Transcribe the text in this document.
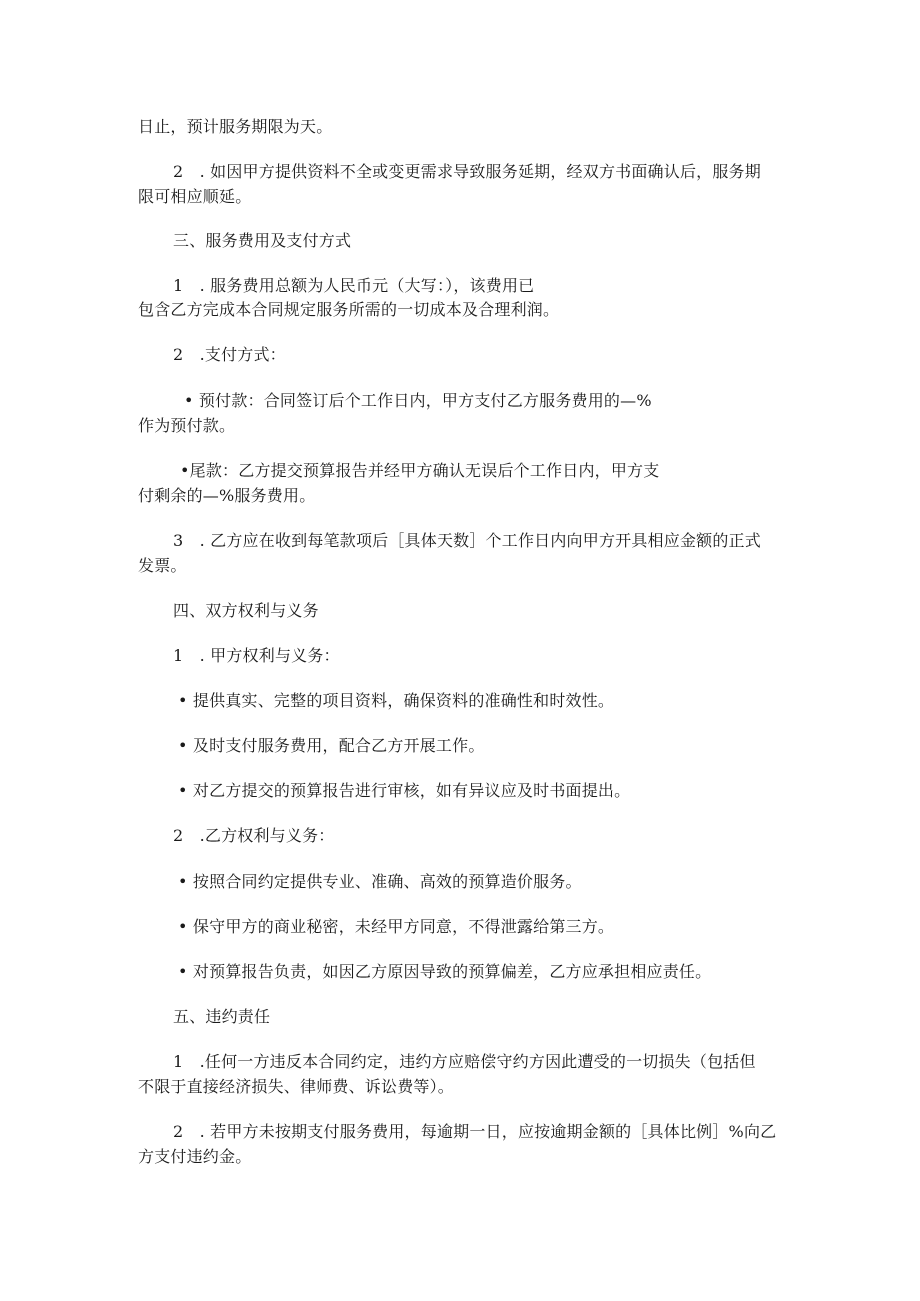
日止，预计服务期限为天。
2　. 如因甲方提供资料不全或变更需求导致服务延期，经双方书面确认后，服务期
限可相应顺延。
三、服务费用及支付方式
1　. 服务费用总额为人民币元（大写：），该费用已
包含乙方完成本合同规定服务所需的一切成本及合理利润。
2　.支付方式：
• 预付款：合同签订后个工作日内，甲方支付乙方服务费用的—%
作为预付款。
•尾款：乙方提交预算报告并经甲方确认无误后个工作日内，甲方支
付剩余的—%服务费用。
3　. 乙方应在收到每笔款项后［具体天数］个工作日内向甲方开具相应金额的正式
发票。
四、双方权利与义务
1　. 甲方权利与义务：
• 提供真实、完整的项目资料，确保资料的准确性和时效性。
• 及时支付服务费用，配合乙方开展工作。
• 对乙方提交的预算报告进行审核，如有异议应及时书面提出。
2　.乙方权利与义务：
• 按照合同约定提供专业、准确、高效的预算造价服务。
• 保守甲方的商业秘密，未经甲方同意，不得泄露给第三方。
• 对预算报告负责，如因乙方原因导致的预算偏差，乙方应承担相应责任。
五、违约责任
1　.任何一方违反本合同约定，违约方应赔偿守约方因此遭受的一切损失（包括但
不限于直接经济损失、律师费、诉讼费等）。
2　. 若甲方未按期支付服务费用，每逾期一日，应按逾期金额的［具体比例］%向乙
方支付违约金。
